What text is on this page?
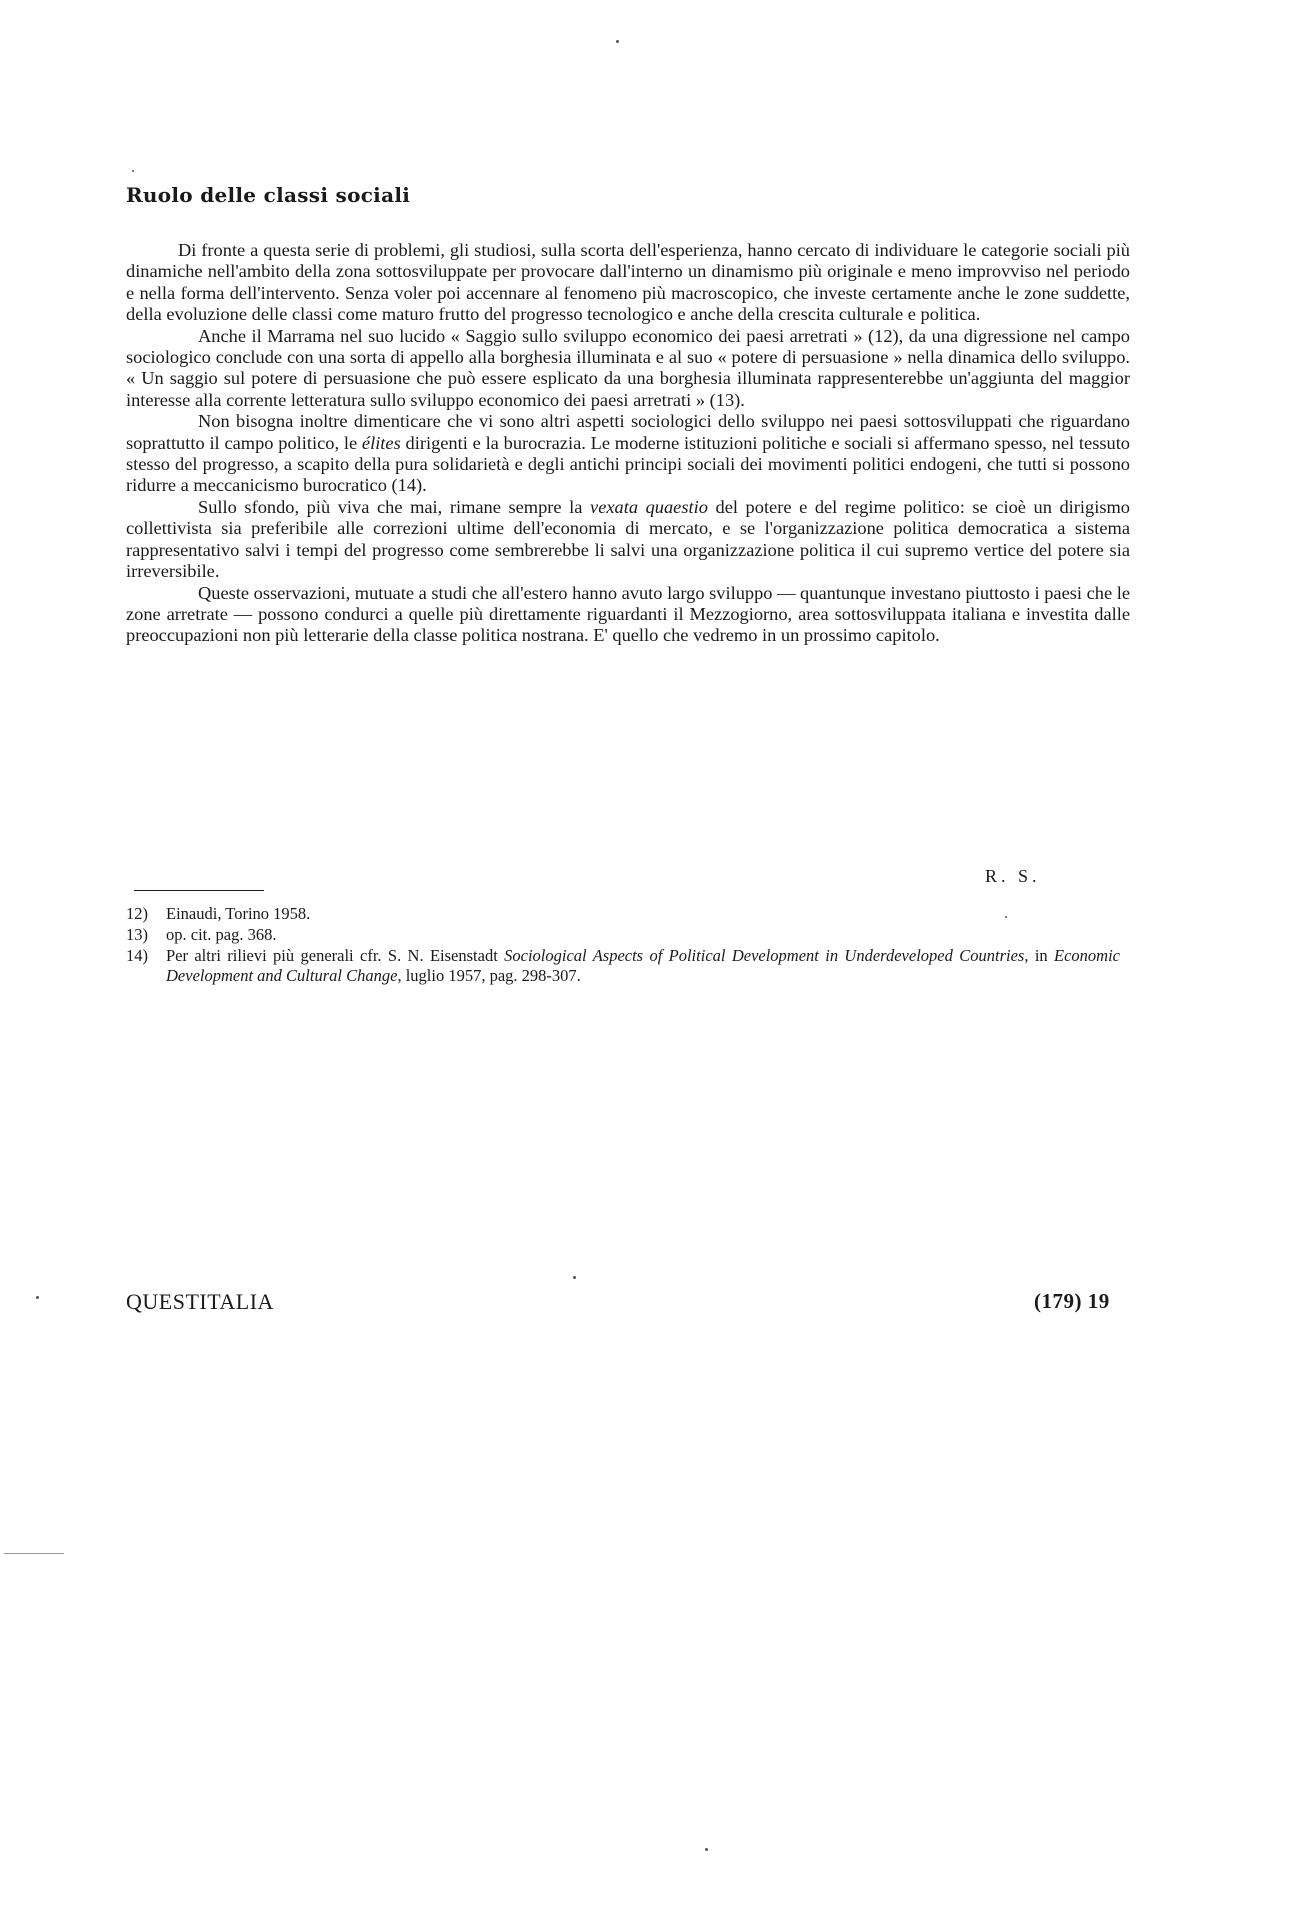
Ruolo delle classi sociali

Di fronte a questa serie di problemi, gli studiosi, sulla scorta dell'esperienza, hanno cercato di individuare le categorie sociali più dinamiche nell'ambito della zona sottosviluppate per provocare dall'interno un dinamismo più originale e meno improvviso nel periodo e nella forma dell'intervento. Senza voler poi accennare al fenomeno più macroscopico, che investe certamente anche le zone suddette, della evoluzione delle classi come maturo frutto del progresso tecnologico e anche della crescita culturale e politica.

Anche il Marrama nel suo lucido « Saggio sullo sviluppo economico dei paesi arretrati » (12), da una digressione nel campo sociologico conclude con una sorta di appello alla borghesia illuminata e al suo « potere di persuasione » nella dinamica dello sviluppo. « Un saggio sul potere di persuasione che può essere esplicato da una borghesia illuminata rappresenterebbe un'aggiunta del maggior interesse alla corrente letteratura sullo sviluppo economico dei paesi arretrati » (13).

Non bisogna inoltre dimenticare che vi sono altri aspetti sociologici dello sviluppo nei paesi sottosviluppati che riguardano soprattutto il campo politico, le élites dirigenti e la burocrazia. Le moderne istituzioni politiche e sociali si affermano spesso, nel tessuto stesso del progresso, a scapito della pura solidarietà e degli antichi principi sociali dei movimenti politici endogeni, che tutti si possono ridurre a meccanicismo burocratico (14).

Sullo sfondo, più viva che mai, rimane sempre la vexata quaestio del potere e del regime politico: se cioè un dirigismo collettivista sia preferibile alle correzioni ultime dell'economia di mercato, e se l'organizzazione politica democratica a sistema rappresentativo salvi i tempi del progresso come sembrerebbe li salvi una organizzazione politica il cui supremo vertice del potere sia irreversibile.

Queste osservazioni, mutuate a studi che all'estero hanno avuto largo sviluppo — quantunque investano piuttosto i paesi che le zone arretrate — possono condurci a quelle più direttamente riguardanti il Mezzogiorno, area sottosviluppata italiana e investita dalle preoccupazioni non più letterarie della classe politica nostrana. E' quello che vedremo in un prossimo capitolo.

R. S.
12)	Einaudi, Torino 1958.
13)	op. cit. pag. 368.
14)	Per altri rilievi più generali cfr. S. N. Eisenstadt Sociological Aspects of Political Development in Underdeveloped Countries, in Economic Development and Cultural Change, luglio 1957, pag. 298-307.
QUESTITALIA	(179) 19
